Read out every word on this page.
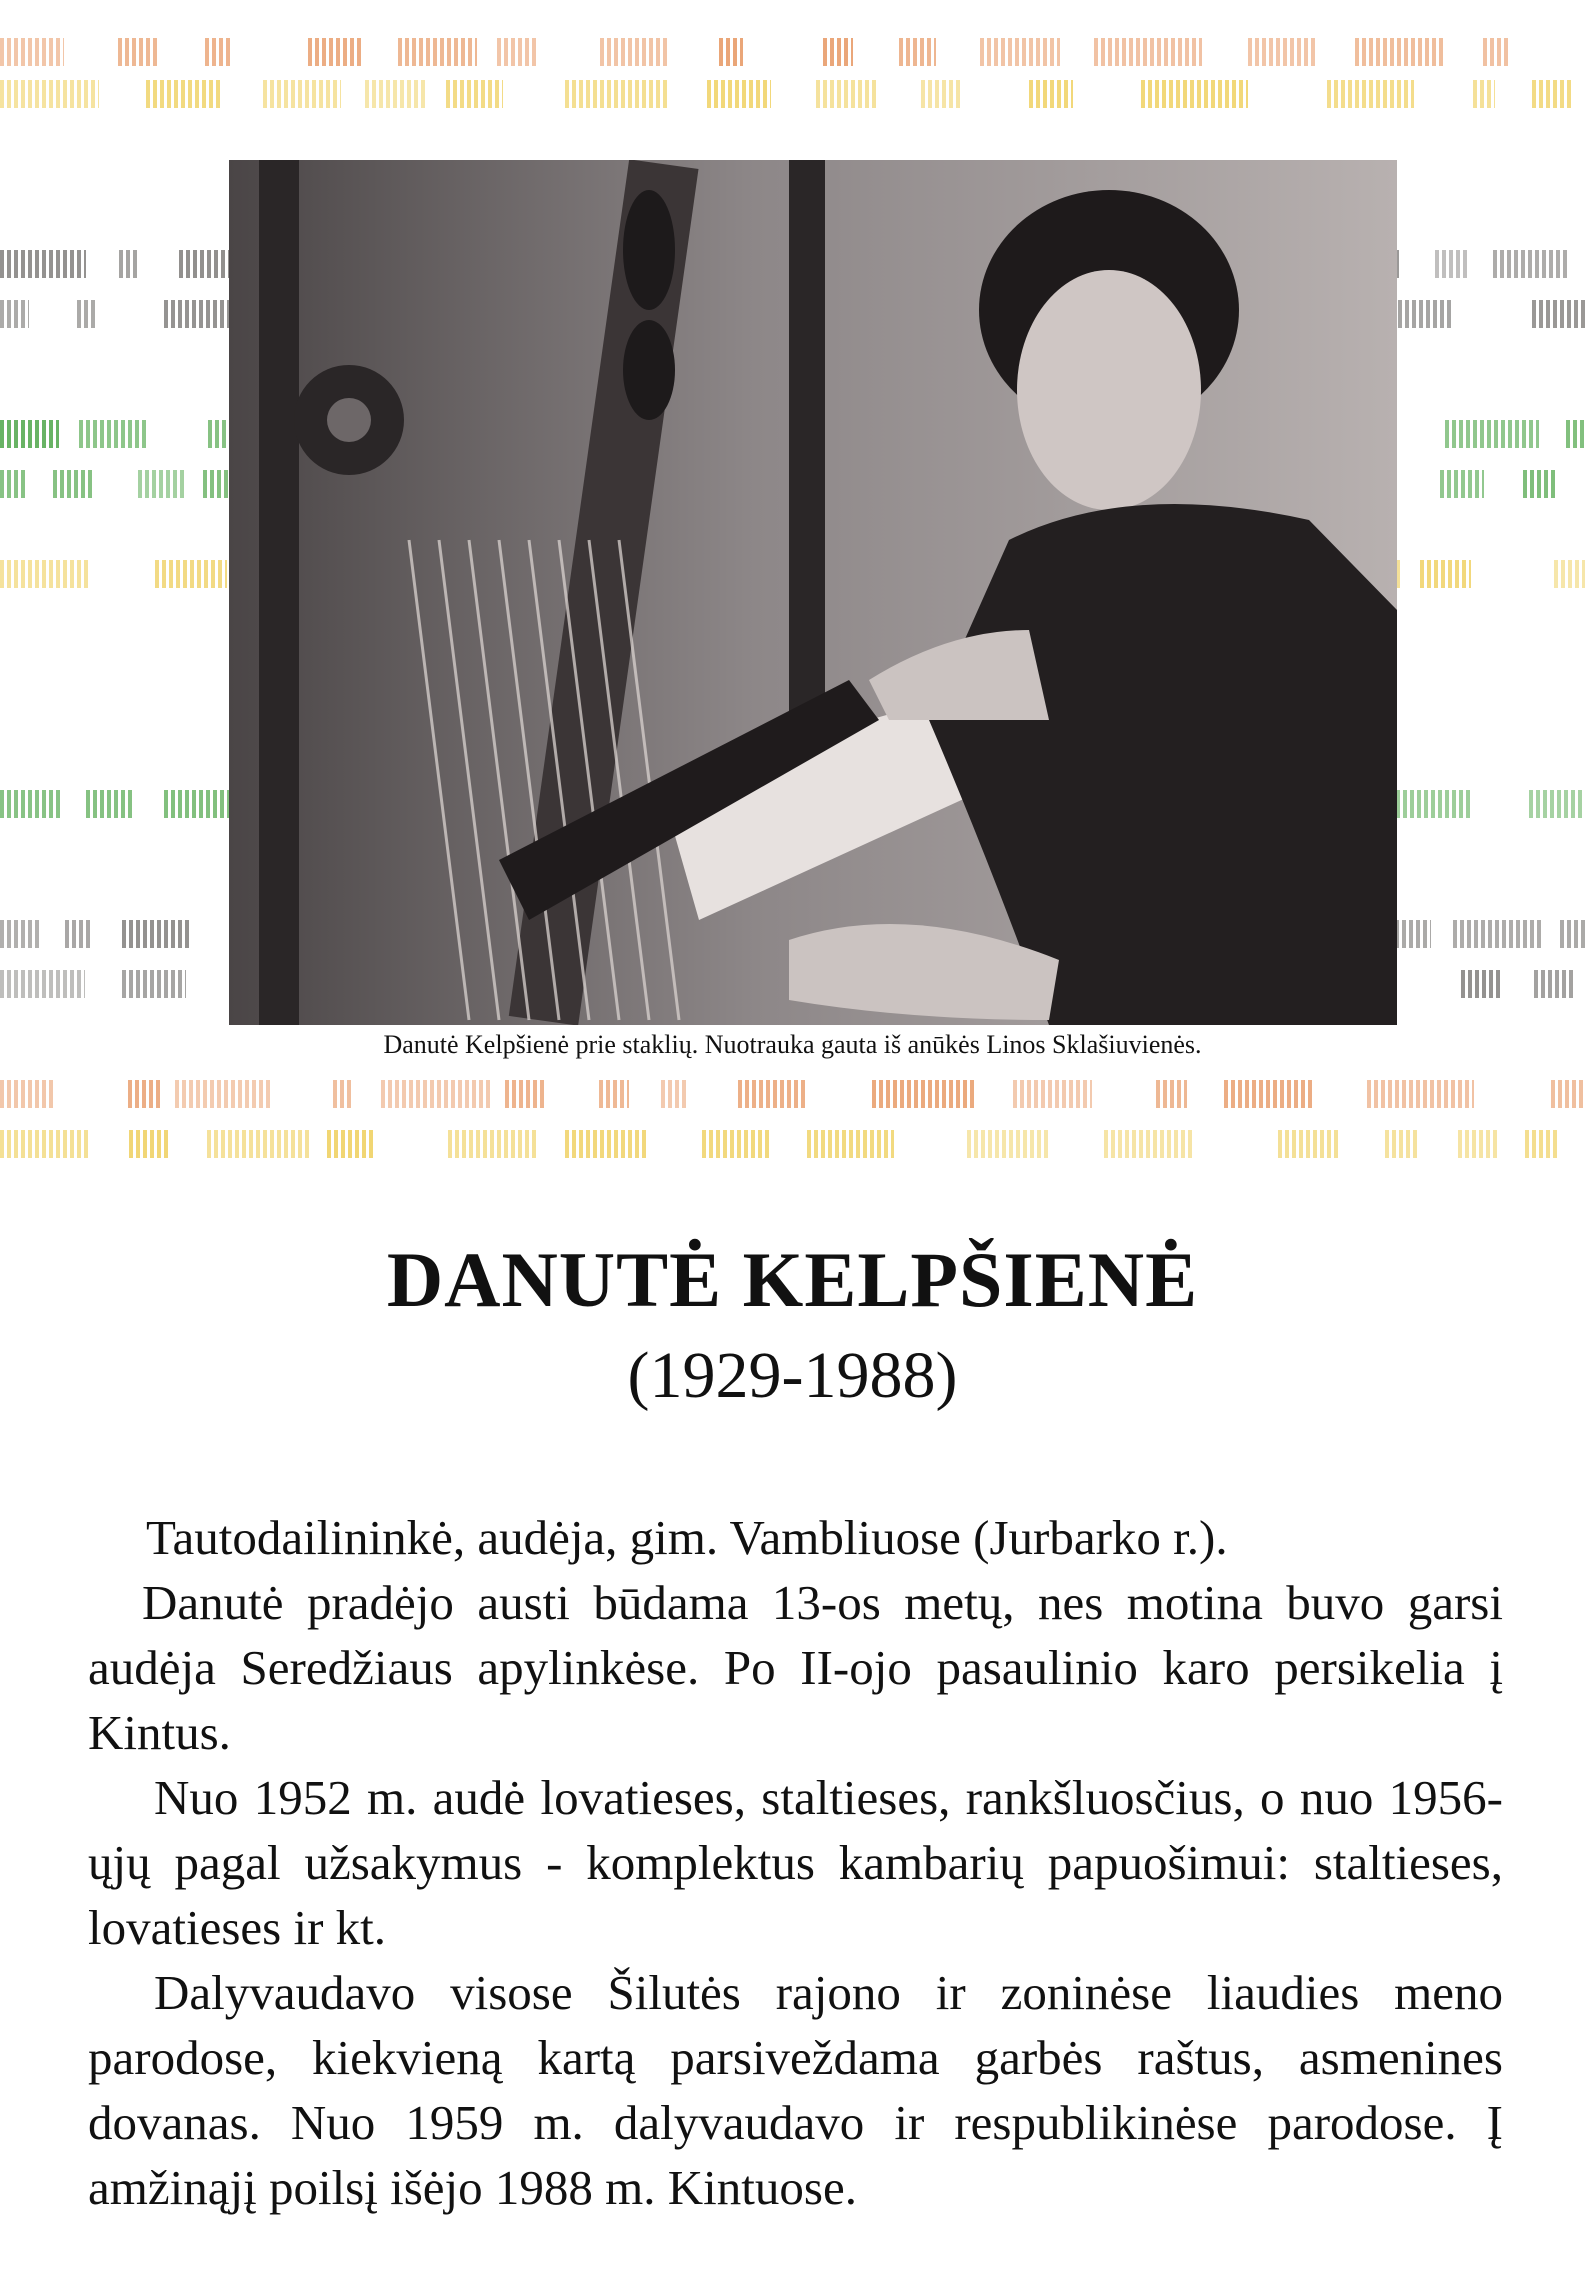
Danutė Kelpšienė prie staklių. Nuotrauka gauta iš anūkės Linos Sklašiuvienės.
DANUTĖ KELPŠIENĖ
(1929-1988)

Tautodailininkė, audėja, gim. Vambliuose (Jurbarko r.).

Danutė pradėjo austi būdama 13-os metų, nes motina buvo garsi audėja Seredžiaus apylinkėse. Po II-ojo pasaulinio karo persikelia į Kintus.

Nuo 1952 m. audė lovatieses, staltieses, rankšluosčius, o nuo 1956-ųjų pagal užsakymus - komplektus kambarių papuošimui: staltieses, lovatieses ir kt.

Dalyvaudavo visose Šilutės rajono ir zoninėse liaudies meno parodose, kiekvieną kartą parsiveždama garbės raštus, asmenines dovanas. Nuo 1959 m. dalyvaudavo ir respublikinėse parodose. Į amžinąjį poilsį išėjo 1988 m. Kintuose.
